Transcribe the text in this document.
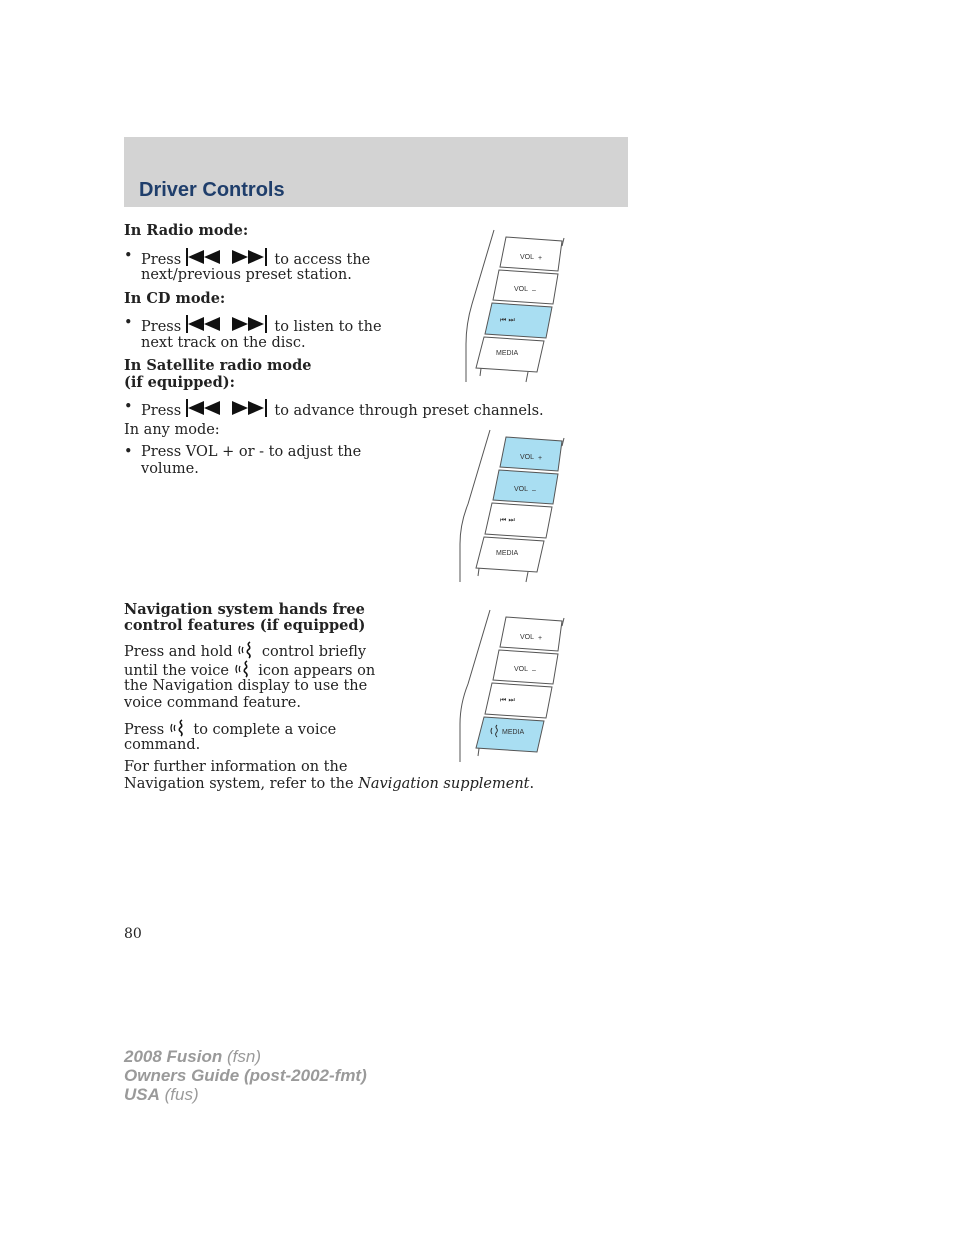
Driver Controls
In Radio mode:
• Press	to access the
next/previous preset station.
In CD mode:
• Press	to listen to the
next track on the disc.
In Satellite radio mode
(if equipped):
• Press	to advance through preset channels.
In any mode:
• Press VOL + or - to adjust the
volume.
Navigation system hands free
control features (if equipped)
Press and hold control briefly
until the voice icon appears on
the Navigation display to use the
voice command feature.
Press to complete a voice
command.
For further information on the
Navigation system, refer to the Navigation supplement.
VOL +
VOL –
⏮ ⏭
MEDIA
VOL +
VOL –
⏮ ⏭
MEDIA
VOL +
VOL –
⏮ ⏭
MEDIA
80
2008 Fusion (fsn)
Owners Guide (post-2002-fmt)
USA (fus)
